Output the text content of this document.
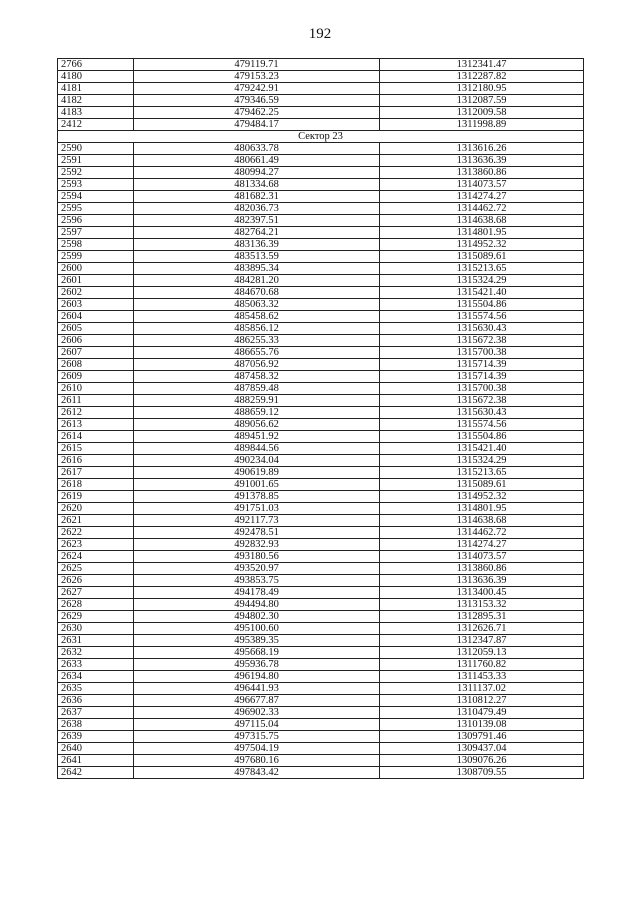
192
2766	479119.71	1312341.47
4180	479153.23	1312287.82
4181	479242.91	1312180.95
4182	479346.59	1312087.59
4183	479462.25	1312009.58
2412	479484.17	1311998.89
Сектор 23		
2590	480633.78	1313616.26
2591	480661.49	1313636.39
2592	480994.27	1313860.86
2593	481334.68	1314073.57
2594	481682.31	1314274.27
2595	482036.73	1314462.72
2596	482397.51	1314638.68
2597	482764.21	1314801.95
2598	483136.39	1314952.32
2599	483513.59	1315089.61
2600	483895.34	1315213.65
2601	484281.20	1315324.29
2602	484670.68	1315421.40
2603	485063.32	1315504.86
2604	485458.62	1315574.56
2605	485856.12	1315630.43
2606	486255.33	1315672.38
2607	486655.76	1315700.38
2608	487056.92	1315714.39
2609	487458.32	1315714.39
2610	487859.48	1315700.38
2611	488259.91	1315672.38
2612	488659.12	1315630.43
2613	489056.62	1315574.56
2614	489451.92	1315504.86
2615	489844.56	1315421.40
2616	490234.04	1315324.29
2617	490619.89	1315213.65
2618	491001.65	1315089.61
2619	491378.85	1314952.32
2620	491751.03	1314801.95
2621	492117.73	1314638.68
2622	492478.51	1314462.72
2623	492832.93	1314274.27
2624	493180.56	1314073.57
2625	493520.97	1313860.86
2626	493853.75	1313636.39
2627	494178.49	1313400.45
2628	494494.80	1313153.32
2629	494802.30	1312895.31
2630	495100.60	1312626.71
2631	495389.35	1312347.87
2632	495668.19	1312059.13
2633	495936.78	1311760.82
2634	496194.80	1311453.33
2635	496441.93	1311137.02
2636	496677.87	1310812.27
2637	496902.33	1310479.49
2638	497115.04	1310139.08
2639	497315.75	1309791.46
2640	497504.19	1309437.04
2641	497680.16	1309076.26
2642	497843.42	1308709.55
